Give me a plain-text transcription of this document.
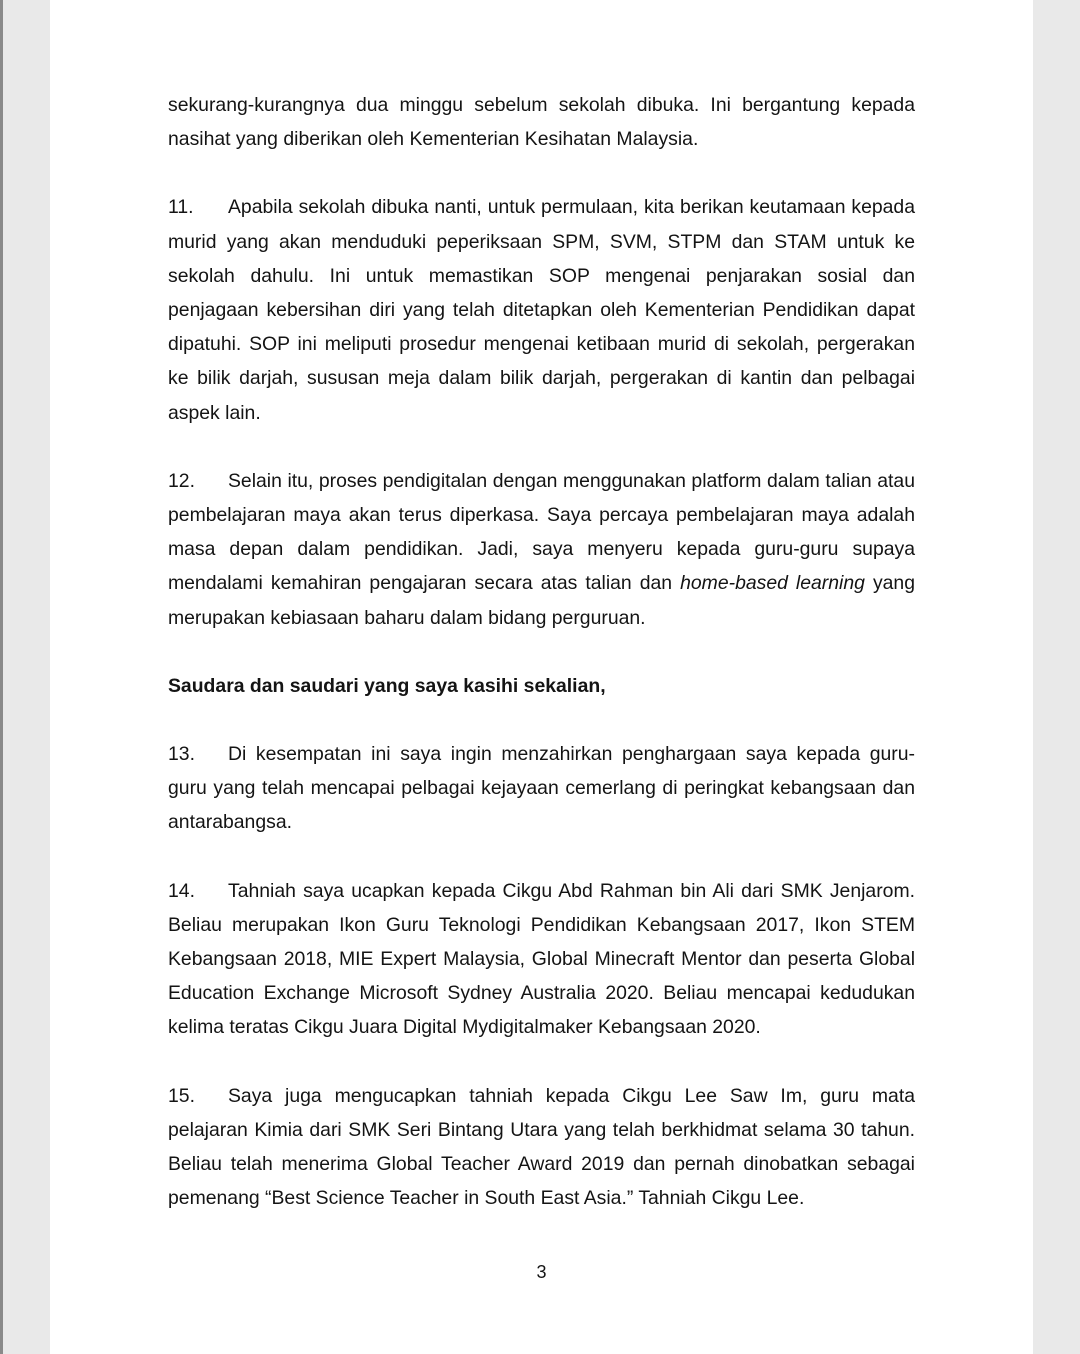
sekurang-kurangnya dua minggu sebelum sekolah dibuka. Ini bergantung kepada nasihat yang diberikan oleh Kementerian Kesihatan Malaysia.

11. Apabila sekolah dibuka nanti, untuk permulaan, kita berikan keutamaan kepada murid yang akan menduduki peperiksaan SPM, SVM, STPM dan STAM untuk ke sekolah dahulu. Ini untuk memastikan SOP mengenai penjarakan sosial dan penjagaan kebersihan diri yang telah ditetapkan oleh Kementerian Pendidikan dapat dipatuhi. SOP ini meliputi prosedur mengenai ketibaan murid di sekolah, pergerakan ke bilik darjah, sususan meja dalam bilik darjah, pergerakan di kantin dan pelbagai aspek lain.

12. Selain itu, proses pendigitalan dengan menggunakan platform dalam talian atau pembelajaran maya akan terus diperkasa. Saya percaya pembelajaran maya adalah masa depan dalam pendidikan. Jadi, saya menyeru kepada guru-guru supaya mendalami kemahiran pengajaran secara atas talian dan home-based learning yang merupakan kebiasaan baharu dalam bidang perguruan.

Saudara dan saudari yang saya kasihi sekalian,

13. Di kesempatan ini saya ingin menzahirkan penghargaan saya kepada guru-guru yang telah mencapai pelbagai kejayaan cemerlang di peringkat kebangsaan dan antarabangsa.

14. Tahniah saya ucapkan kepada Cikgu Abd Rahman bin Ali dari SMK Jenjarom. Beliau merupakan Ikon Guru Teknologi Pendidikan Kebangsaan 2017, Ikon STEM Kebangsaan 2018, MIE Expert Malaysia, Global Minecraft Mentor dan peserta Global Education Exchange Microsoft Sydney Australia 2020. Beliau mencapai kedudukan kelima teratas Cikgu Juara Digital Mydigitalmaker Kebangsaan 2020.

15. Saya juga mengucapkan tahniah kepada Cikgu Lee Saw Im, guru mata pelajaran Kimia dari SMK Seri Bintang Utara yang telah berkhidmat selama 30 tahun. Beliau telah menerima Global Teacher Award 2019 dan pernah dinobatkan sebagai pemenang “Best Science Teacher in South East Asia.” Tahniah Cikgu Lee.

3
